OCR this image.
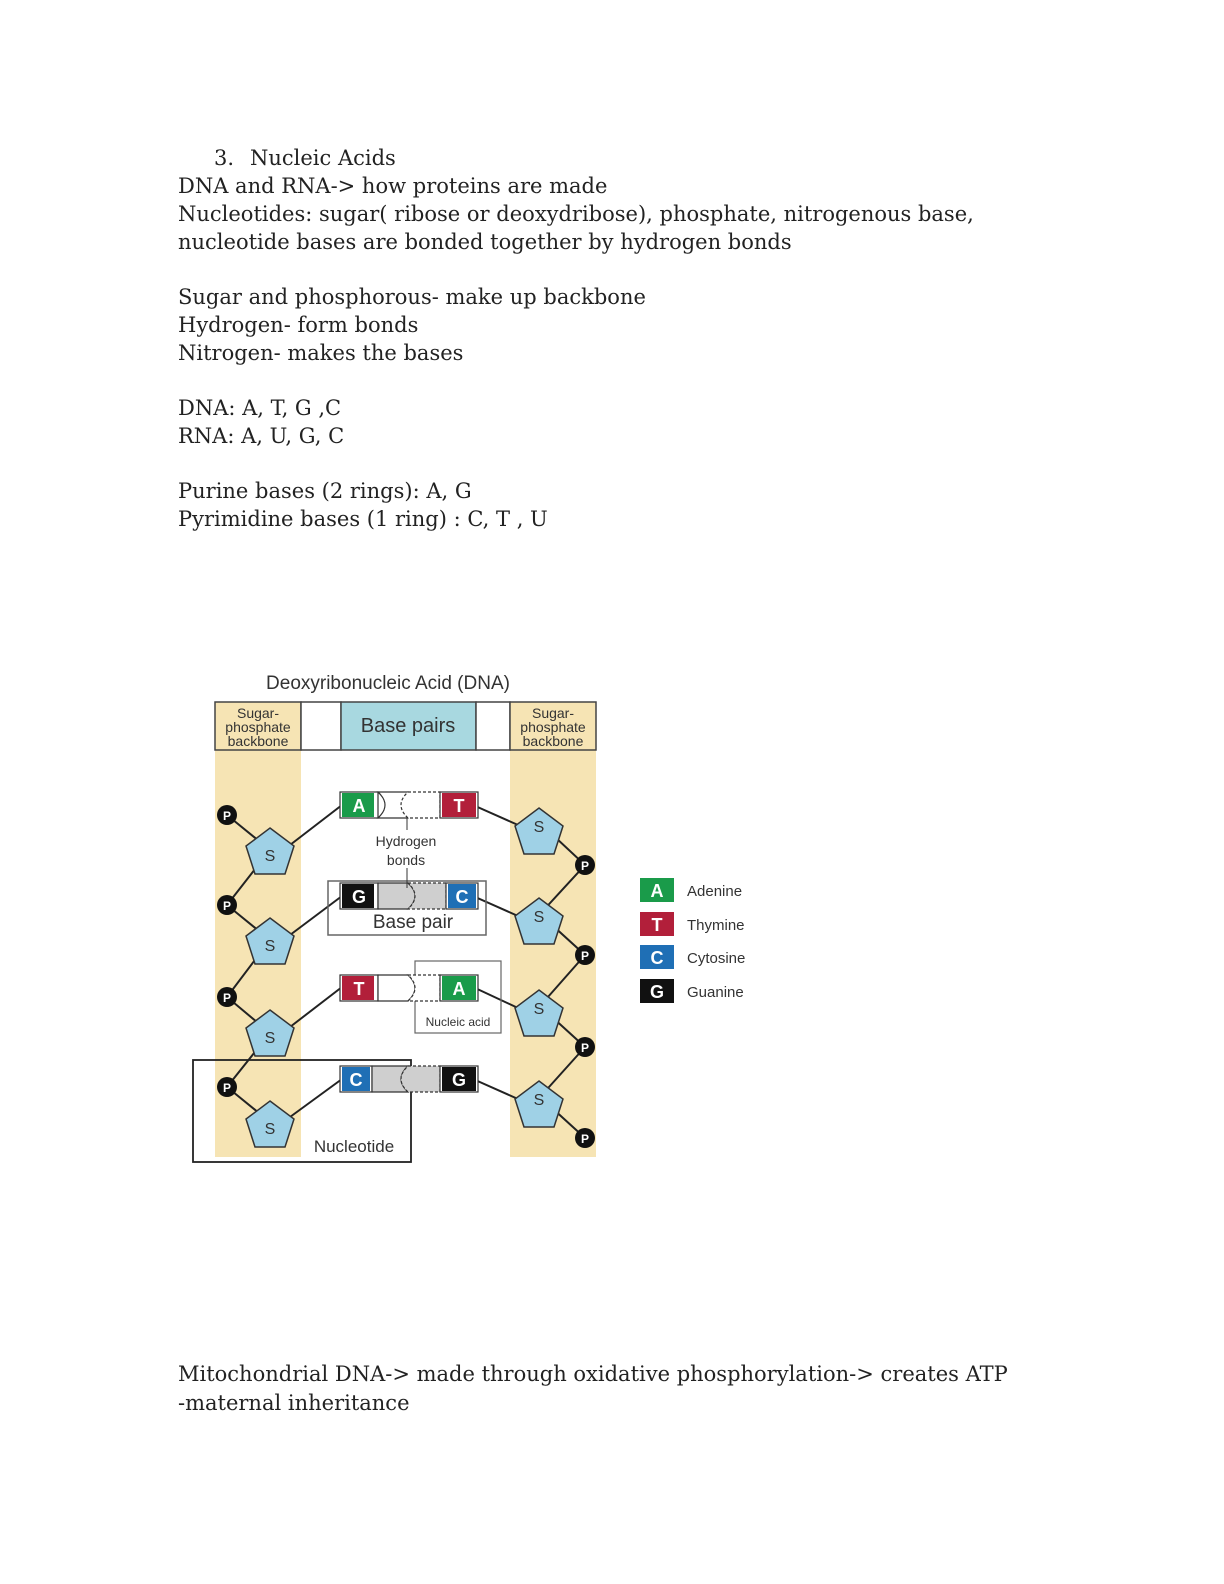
3. Nucleic Acids
DNA and RNA-> how proteins are made
Nucleotides: sugar( ribose or deoxydribose), phosphate, nitrogenous base,
nucleotide bases are bonded together by hydrogen bonds
Sugar and phosphorous- make up backbone
Hydrogen- form bonds
Nitrogen- makes the bases
DNA: A, T, G ,C
RNA: A, U, G, C
Purine bases (2 rings): A, G
Pyrimidine bases (1 ring) : C, T , U
Deoxyribonucleic Acid (DNA)
Sugar-
phosphate
backbone
Sugar-
phosphate
backbone
Base pairs
A	T
G	C
T	A
C	G
S
S
S
S
S
S
S
S
P
P
P
P
P
P
P
P
Hydrogen
bonds
Base pair
Nucleic acid
Nucleotide
A Adenine
T Thymine
C Cytosine
G Guanine
Mitochondrial DNA-> made through oxidative phosphorylation-> creates ATP
-maternal inheritance
